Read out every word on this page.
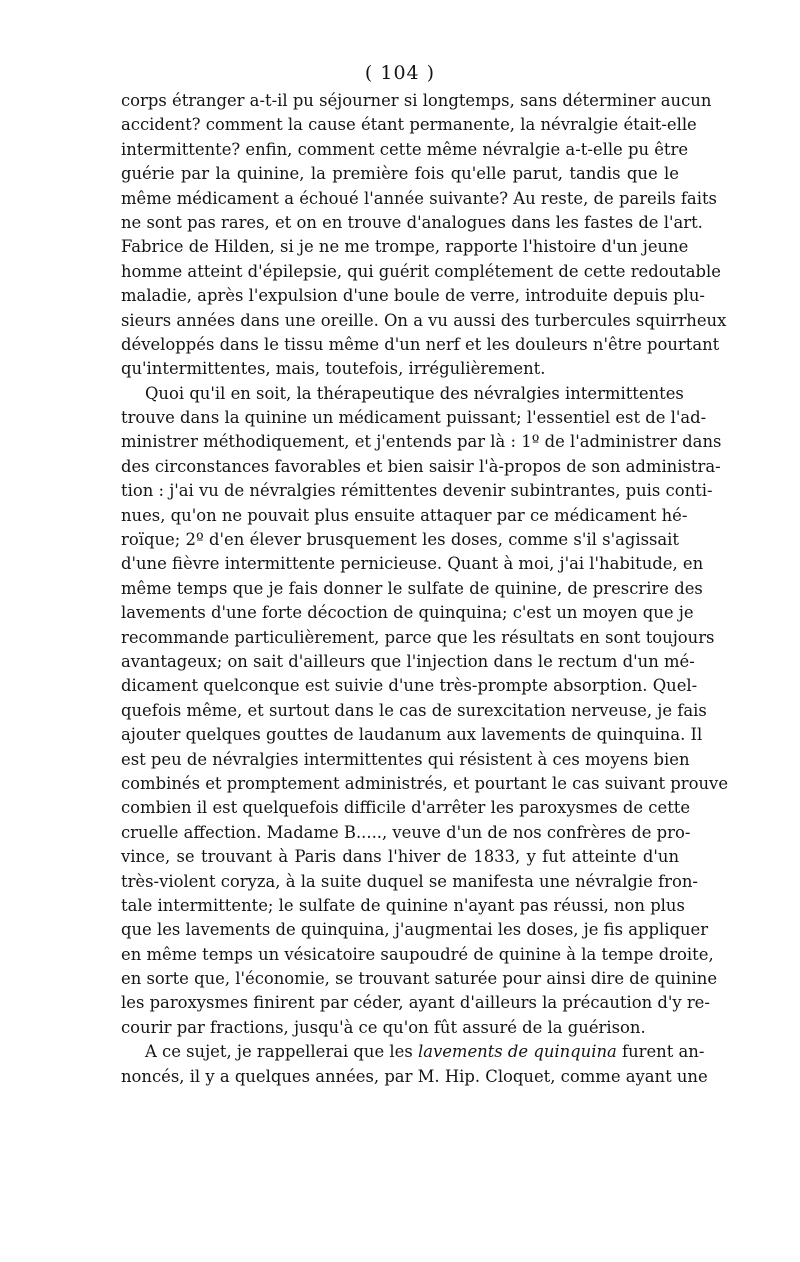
( 104 )
corps étranger a-t-il pu séjourner si longtemps, sans déterminer aucun
accident? comment la cause étant permanente, la névralgie était-elle
intermittente? enfin, comment cette même névralgie a-t-elle pu être
guérie par la quinine, la première fois qu'elle parut, tandis que le
même médicament a échoué l'année suivante? Au reste, de pareils faits
ne sont pas rares, et on en trouve d'analogues dans les fastes de l'art.
Fabrice de Hilden, si je ne me trompe, rapporte l'histoire d'un jeune
homme atteint d'épilepsie, qui guérit complétement de cette redoutable
maladie, après l'expulsion d'une boule de verre, introduite depuis plu-
sieurs années dans une oreille. On a vu aussi des turbercules squirrheux
développés dans le tissu même d'un nerf et les douleurs n'être pourtant
qu'intermittentes, mais, toutefois, irrégulièrement.
Quoi qu'il en soit, la thérapeutique des névralgies intermittentes
trouve dans la quinine un médicament puissant; l'essentiel est de l'ad-
ministrer méthodiquement, et j'entends par là : 1º de l'administrer dans
des circonstances favorables et bien saisir l'à-propos de son administra-
tion : j'ai vu de névralgies rémittentes devenir subintrantes, puis conti-
nues, qu'on ne pouvait plus ensuite attaquer par ce médicament hé-
roïque; 2º d'en élever brusquement les doses, comme s'il s'agissait
d'une fièvre intermittente pernicieuse. Quant à moi, j'ai l'habitude, en
même temps que je fais donner le sulfate de quinine, de prescrire des
lavements d'une forte décoction de quinquina; c'est un moyen que je
recommande particulièrement, parce que les résultats en sont toujours
avantageux; on sait d'ailleurs que l'injection dans le rectum d'un mé-
dicament quelconque est suivie d'une très-prompte absorption. Quel-
quefois même, et surtout dans le cas de surexcitation nerveuse, je fais
ajouter quelques gouttes de laudanum aux lavements de quinquina. Il
est peu de névralgies intermittentes qui résistent à ces moyens bien
combinés et promptement administrés, et pourtant le cas suivant prouve
combien il est quelquefois difficile d'arrêter les paroxysmes de cette
cruelle affection. Madame B....., veuve d'un de nos confrères de pro-
vince, se trouvant à Paris dans l'hiver de 1833, y fut atteinte d'un
très-violent coryza, à la suite duquel se manifesta une névralgie fron-
tale intermittente; le sulfate de quinine n'ayant pas réussi, non plus
que les lavements de quinquina, j'augmentai les doses, je fis appliquer
en même temps un vésicatoire saupoudré de quinine à la tempe droite,
en sorte que, l'économie, se trouvant saturée pour ainsi dire de quinine
les paroxysmes finirent par céder, ayant d'ailleurs la précaution d'y re-
courir par fractions, jusqu'à ce qu'on fût assuré de la guérison.
A ce sujet, je rappellerai que les lavements de quinquina furent an-
noncés, il y a quelques années, par M. Hip. Cloquet, comme ayant une
